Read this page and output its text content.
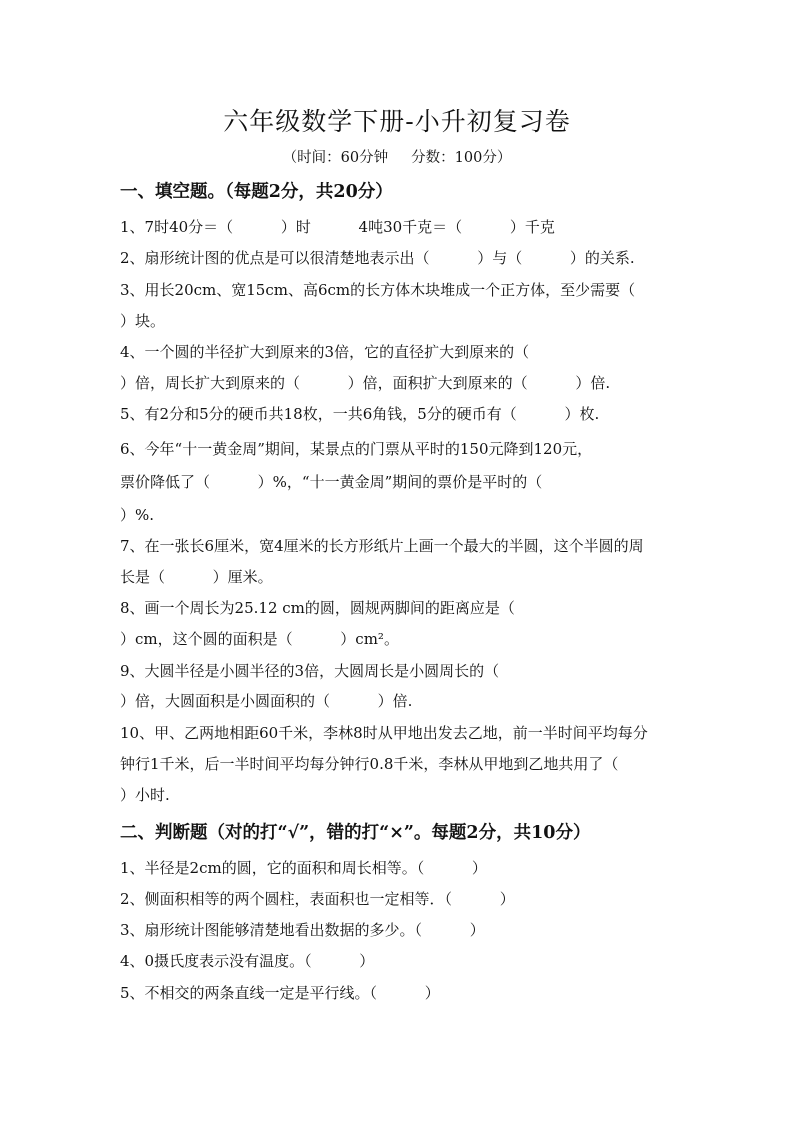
六年级数学下册-小升初复习卷
（时间：60分钟     分数：100分）
一、填空题。（每题2分，共20分）
1、7时40分＝（          ）时          4吨30千克＝（          ）千克
2、扇形统计图的优点是可以很清楚地表示出（          ）与（          ）的关系.
3、用长20cm、宽15cm、高6cm的长方体木块堆成一个正方体，至少需要（
）块。
4、一个圆的半径扩大到原来的3倍，它的直径扩大到原来的（
）倍，周长扩大到原来的（          ）倍，面积扩大到原来的（          ）倍.
5、有2分和5分的硬币共18枚，一共6角钱，5分的硬币有（          ）枚.
6、今年“十一黄金周”期间，某景点的门票从平时的150元降到120元，
票价降低了（          ）%，“十一黄金周”期间的票价是平时的（
）%.
7、在一张长6厘米，宽4厘米的长方形纸片上画一个最大的半圆，这个半圆的周
长是（          ）厘米。
8、画一个周长为25.12 cm的圆，圆规两脚间的距离应是（
）cm，这个圆的面积是（          ）cm²。
9、大圆半径是小圆半径的3倍，大圆周长是小圆周长的（
）倍，大圆面积是小圆面积的（          ）倍.
10、甲、乙两地相距60千米，李林8时从甲地出发去乙地，前一半时间平均每分
钟行1千米，后一半时间平均每分钟行0.8千米，李林从甲地到乙地共用了（
）小时.
二、判断题（对的打“√”，错的打“×”。每题2分，共10分）
1、半径是2cm的圆，它的面积和周长相等。（          ）
2、侧面积相等的两个圆柱，表面积也一定相等．（          ）
3、扇形统计图能够清楚地看出数据的多少。（          ）
4、0摄氏度表示没有温度。（          ）
5、不相交的两条直线一定是平行线。（          ）
